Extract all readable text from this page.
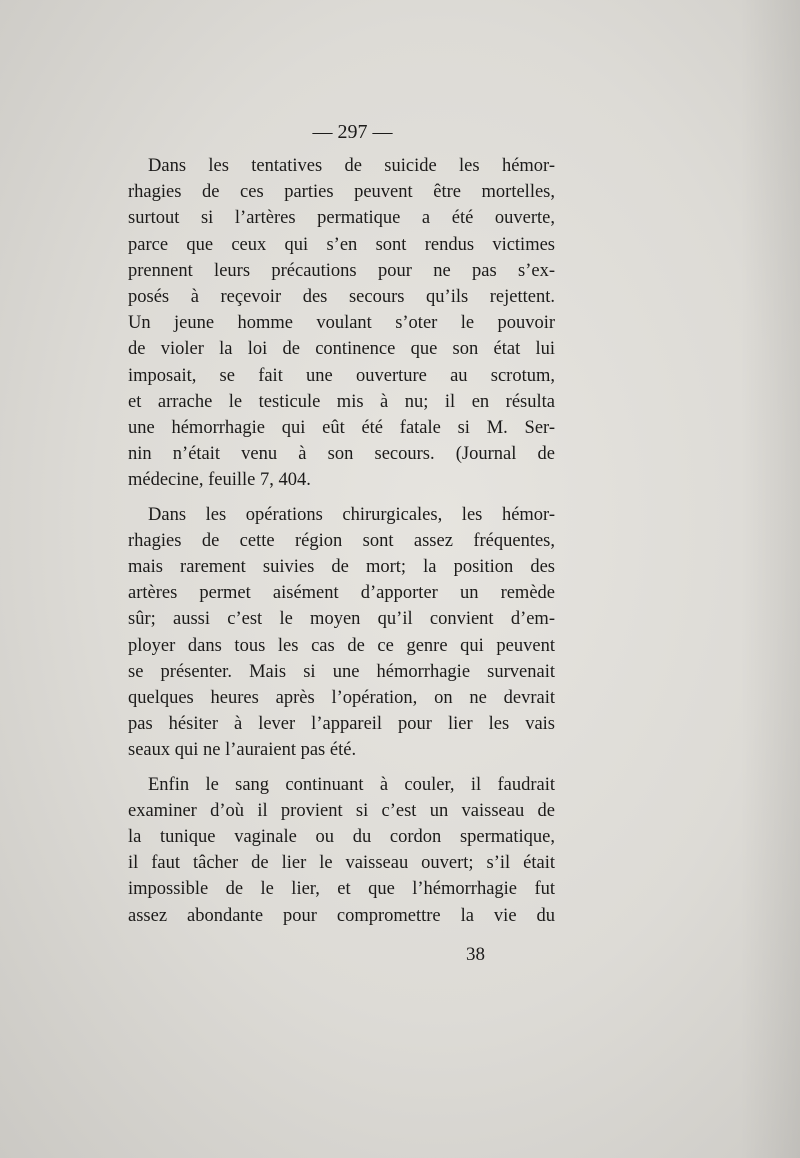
— 297 —

Dans les tentatives de suicide les hémor-
rhagies de ces parties peuvent être mortelles,
surtout si l’artères permatique a été ouverte,
parce que ceux qui s’en sont rendus victimes
prennent leurs précautions pour ne pas s’ex-
posés à reçevoir des secours qu’ils rejettent.
Un jeune homme voulant s’oter le pouvoir
de violer la loi de continence que son état lui
imposait, se fait une ouverture au scrotum,
et arrache le testicule mis à nu; il en résulta
une hémorrhagie qui eût été fatale si M. Ser-
nin n’était venu à son secours. (Journal de
médecine, feuille 7, 404.

Dans les opérations chirurgicales, les hémor-
rhagies de cette région sont assez fréquentes,
mais rarement suivies de mort; la position des
artères permet aisément d’apporter un remède
sûr; aussi c’est le moyen qu’il convient d’em-
ployer dans tous les cas de ce genre qui peuvent
se présenter. Mais si une hémorrhagie survenait
quelques heures après l’opération, on ne devrait
pas hésiter à lever l’appareil pour lier les vais
seaux qui ne l’auraient pas été.

Enfin le sang continuant à couler, il faudrait
examiner d’où il provient si c’est un vaisseau de
la tunique vaginale ou du cordon spermatique,
il faut tâcher de lier le vaisseau ouvert; s’il était
impossible de le lier, et que l’hémorrhagie fut
assez abondante pour compromettre la vie du

38
